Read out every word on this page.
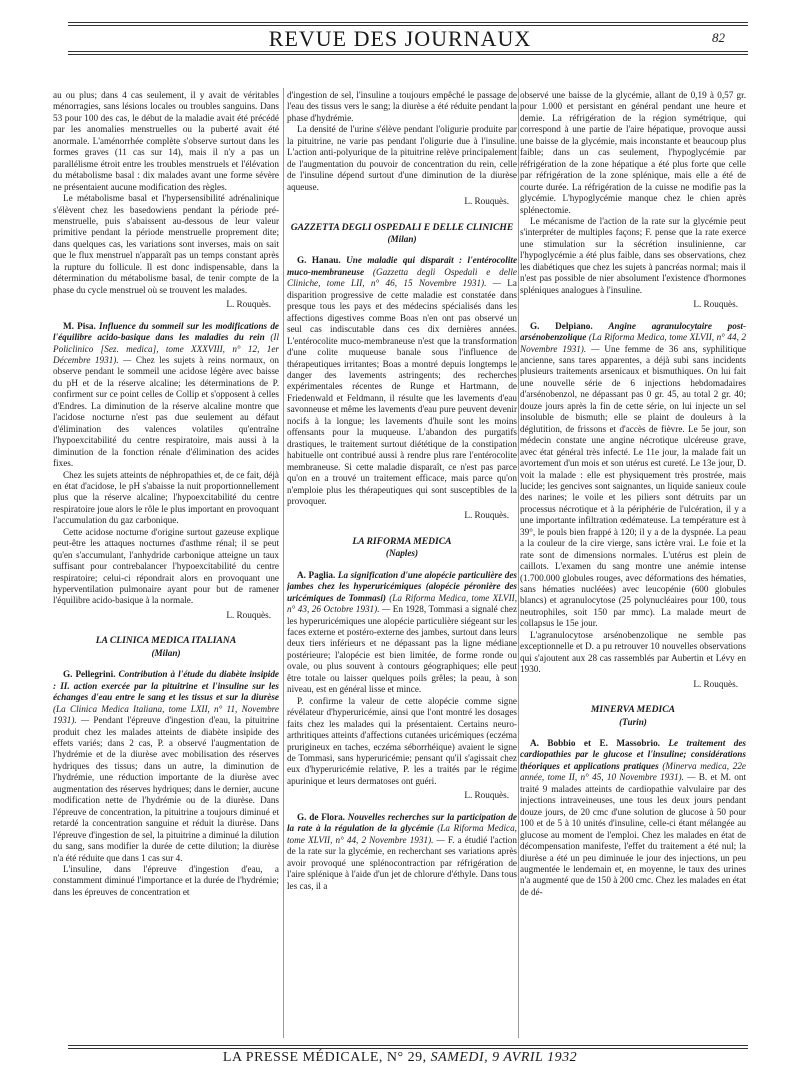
REVUE DES JOURNAUX	82

au ou plus; dans 4 cas seulement, il y avait de véritables ménorragies, sans lésions locales ou troubles sanguins. Dans 53 pour 100 des cas, le début de la maladie avait été précédé par les anomalies menstruelles ou la puberté avait été anormale. L'aménorrhée complète s'observe surtout dans les formes graves (11 cas sur 14), mais il n'y a pas un parallélisme étroit entre les troubles menstruels et l'élévation du métabolisme basal : dix malades avant une forme sévère ne présentaient aucune modification des règles.

Le métabolisme basal et l'hypersensibilité adrénalinique s'élèvent chez les basedowiens pendant la période pré-menstruelle, puis s'abaissent au-dessous de leur valeur primitive pendant la période menstruelle proprement dite; dans quelques cas, les variations sont inverses, mais on sait que le flux menstruel n'apparaît pas un temps constant après la rupture du follicule. Il est donc indispensable, dans la détermination du métabolisme basal, de tenir compte de la phase du cycle menstruel où se trouvent les malades.

L. Rouquès.

M. Pisa. Influence du sommeil sur les modifications de l'équilibre acido-basique dans les maladies du rein (Il Policlinico [Sez. medica], tome XXXVIII, n° 12, 1er Décembre 1931). — Chez les sujets à reins normaux, on observe pendant le sommeil une acidose légère avec baisse du pH et de la réserve alcaline; les déterminations de P. confirment sur ce point celles de Collip et s'opposent à celles d'Endres. La diminution de la réserve alcaline montre que l'acidose nocturne n'est pas due seulement au défaut d'élimination des valences volatiles qu'entraîne l'hypoexcitabilité du centre respiratoire, mais aussi à la diminution de la fonction rénale d'élimination des acides fixes.

Chez les sujets atteints de néphropathies et, de ce fait, déjà en état d'acidose, le pH s'abaisse la nuit proportionnellement plus que la réserve alcaline; l'hypoexcitabilité du centre respiratoire joue alors le rôle le plus important en provoquant l'accumulation du gaz carbonique.

Cette acidose nocturne d'origine surtout gazeuse explique peut-être les attaques nocturnes d'asthme rénal; il se peut qu'en s'accumulant, l'anhydride carbonique atteigne un taux suffisant pour contrebalancer l'hypoexcitabilité du centre respiratoire; celui-ci répondrait alors en provoquant une hyperventilation pulmonaire ayant pour but de ramener l'équilibre acido-basique à la normale.

L. Rouquès.

LA CLINICA MEDICA ITALIANA

(Milan)

G. Pellegrini. Contribution à l'étude du diabète insipide : II. action exercée par la pituitrine et l'insuline sur les échanges d'eau entre le sang et les tissus et sur la diurèse (La Clinica Medica Italiana, tome LXII, n° 11, Novembre 1931). — Pendant l'épreuve d'ingestion d'eau, la pituitrine produit chez les malades atteints de diabète insipide des effets variés; dans 2 cas, P. a observé l'augmentation de l'hydrémie et de la diurèse avec mobilisation des réserves hydriques des tissus; dans un autre, la diminution de l'hydrémie, une réduction importante de la diurèse avec augmentation des réserves hydriques; dans le dernier, aucune modification nette de l'hydrémie ou de la diurèse. Dans l'épreuve de concentration, la pituitrine a toujours diminué et retardé la concentration sanguine et réduit la diurèse. Dans l'épreuve d'ingestion de sel, la pituitrine a diminué la dilution du sang, sans modifier la durée de cette dilution; la diurèse n'a été réduite que dans 1 cas sur 4.

L'insuline, dans l'épreuve d'ingestion d'eau, a constamment diminué l'importance et la durée de l'hydrémie; dans les épreuves de concentration et

d'ingestion de sel, l'insuline a toujours empêché le passage de l'eau des tissus vers le sang; la diurèse a été réduite pendant la phase d'hydrémie.

La densité de l'urine s'élève pendant l'oligurie produite par la pituitrine, ne varie pas pendant l'oligurie due à l'insuline. L'action anti-polyurique de la pituitrine relève principalement de l'augmentation du pouvoir de concentration du rein, celle de l'insuline dépend surtout d'une diminution de la diurèse aqueuse.

L. Rouquès.

GAZZETTA DEGLI OSPEDALI E DELLE CLINICHE

(Milan)

G. Hanau. Une maladie qui disparaît : l'entérocolite muco-membraneuse (Gazzetta degli Ospedali e delle Cliniche, tome LII, n° 46, 15 Novembre 1931). — La disparition progressive de cette maladie est constatée dans presque tous les pays et des médecins spécialisés dans les affections digestives comme Boas n'en ont pas observé un seul cas indiscutable dans ces dix dernières années. L'entérocolite muco-membraneuse n'est que la transformation d'une colite muqueuse banale sous l'influence de thérapeutiques irritantes; Boas a montré depuis longtemps le danger des lavements astringents; des recherches expérimentales récentes de Runge et Hartmann, de Friedenwald et Feldmann, il résulte que les lavements d'eau savonneuse et même les lavements d'eau pure peuvent devenir nocifs à la longue; les lavements d'huile sont les moins offensants pour la muqueuse. L'abandon des purgatifs drastiques, le traitement surtout diététique de la constipation habituelle ont contribué aussi à rendre plus rare l'entérocolite membraneuse. Si cette maladie disparaît, ce n'est pas parce qu'on en a trouvé un traitement efficace, mais parce qu'on n'emploie plus les thérapeutiques qui sont susceptibles de la provoquer.

L. Rouquès.

LA RIFORMA MEDICA

(Naples)

A. Paglia. La signification d'une alopécie particulière des jambes chez les hyperuricémiques (alopécie péronière des uricémiques de Tommasi) (La Riforma Medica, tome XLVII, n° 43, 26 Octobre 1931). — En 1928, Tommasi a signalé chez les hyperuricémiques une alopécie particulière siégeant sur les faces externe et postéro-externe des jambes, surtout dans leurs deux tiers inférieurs et ne dépassant pas la ligne médiane postérieure; l'alopécie est bien limitée, de forme ronde ou ovale, ou plus souvent à contours géographiques; elle peut être totale ou laisser quelques poils grêles; la peau, à son niveau, est en général lisse et mince.

P. confirme la valeur de cette alopécie comme signe révélateur d'hyperuricémie, ainsi que l'ont montré les dosages faits chez les malades qui la présentaient. Certains neuro-arthritiques atteints d'affections cutanées uricémiques (eczéma prurigineux en taches, eczéma séborrhéique) avaient le signe de Tommasi, sans hyperuricémie; pensant qu'il s'agissait chez eux d'hyperuricémie relative, P. les a traités par le régime apurinique et leurs dermatoses ont guéri.

L. Rouquès.

G. de Flora. Nouvelles recherches sur la participation de la rate à la régulation de la glycémie (La Riforma Medica, tome XLVII, n° 44, 2 Novembre 1931). — F. a étudié l'action de la rate sur la glycémie, en recherchant ses variations après avoir provoqué une splénocontraction par réfrigération de l'aire splénique à l'aide d'un jet de chlorure d'éthyle. Dans tous les cas, il a

observé une baisse de la glycémie, allant de 0,19 à 0,57 gr. pour 1.000 et persistant en général pendant une heure et demie. La réfrigération de la région symétrique, qui correspond à une partie de l'aire hépatique, provoque aussi une baisse de la glycémie, mais inconstante et beaucoup plus faible; dans un cas seulement, l'hypoglycémie par réfrigération de la zone hépatique a été plus forte que celle par réfrigération de la zone splénique, mais elle a été de courte durée. La réfrigération de la cuisse ne modifie pas la glycémie. L'hypoglycémie manque chez le chien après splénectomie.

Le mécanisme de l'action de la rate sur la glycémie peut s'interpréter de multiples façons; F. pense que la rate exerce une stimulation sur la sécrétion insulinienne, car l'hypoglycémie a été plus faible, dans ses observations, chez les diabétiques que chez les sujets à pancréas normal; mais il n'est pas possible de nier absolument l'existence d'hormones spléniques analogues à l'insuline.

L. Rouquès.

G. Delpiano. Angine agranulocytaire post-arsénobenzolique (La Riforma Medica, tome XLVII, n° 44, 2 Novembre 1931). — Une femme de 36 ans, syphilitique ancienne, sans tares apparentes, a déjà subi sans incidents plusieurs traitements arsenicaux et bismuthiques. On lui fait une nouvelle série de 6 injections hebdomadaires d'arsénobenzol, ne dépassant pas 0 gr. 45, au total 2 gr. 40; douze jours après la fin de cette série, on lui injecte un sel insoluble de bismuth; elle se plaint de douleurs à la déglutition, de frissons et d'accès de fièvre. Le 5e jour, son médecin constate une angine nécrotique ulcéreuse grave, avec état général très infecté. Le 11e jour, la malade fait un avortement d'un mois et son utérus est cureté. Le 13e jour, D. voit la malade : elle est physiquement très prostrée, mais lucide; les gencives sont saignantes, un liquide sanieux coule des narines; le voile et les piliers sont détruits par un processus nécrotique et à la périphérie de l'ulcération, il y a une importante infiltration œdémateuse. La température est à 39°, le pouls bien frappé à 120; il y a de la dyspnée. La peau a la couleur de la cire vierge, sans ictère vrai. Le foie et la rate sont de dimensions normales. L'utérus est plein de caillots. L'examen du sang montre une anémie intense (1.700.000 globules rouges, avec déformations des hématies, sans hématies nucléées) avec leucopénie (600 globules blancs) et agranulocytose (25 polynucléaires pour 100, tous neutrophiles, soit 150 par mmc). La malade meurt de collapsus le 15e jour.

L'agranulocytose arsénobenzolique ne semble pas exceptionnelle et D. a pu retrouver 10 nouvelles observations qui s'ajoutent aux 28 cas rassemblés par Aubertin et Lévy en 1930.

L. Rouquès.

MINERVA MEDICA

(Turin)

A. Bobbio et E. Massobrio. Le traitement des cardiopathies par le glucose et l'insuline; considérations théoriques et applications pratiques (Minerva medica, 22e année, tome II, n° 45, 10 Novembre 1931). — B. et M. ont traité 9 malades atteints de cardiopathie valvulaire par des injections intraveineuses, une tous les deux jours pendant douze jours, de 20 cmc d'une solution de glucose à 50 pour 100 et de 5 à 10 unités d'insuline, celle-ci étant mélangée au glucose au moment de l'emploi. Chez les malades en état de décompensation manifeste, l'effet du traitement a été nul; la diurèse a été un peu diminuée le jour des injections, un peu augmentée le lendemain et, en moyenne, le taux des urines n'a augmenté que de 150 à 200 cmc. Chez les malades en état de dé-

LA PRESSE MÉDICALE, N° 29, SAMEDI, 9 AVRIL 1932
